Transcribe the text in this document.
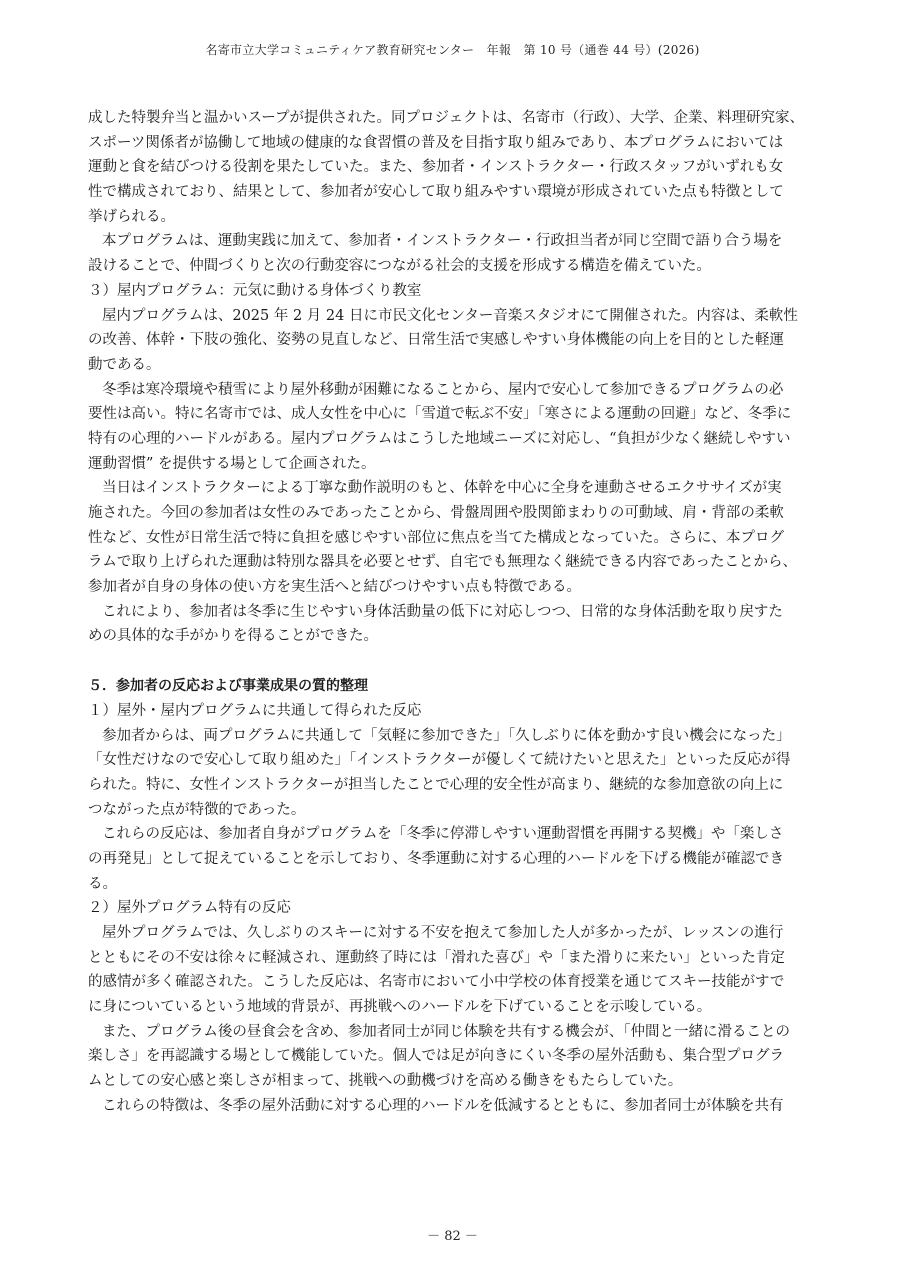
名寄市立大学コミュニティケア教育研究センター　年報　第 10 号（通巻 44 号）(2026)
成した特製弁当と温かいスープが提供された。同プロジェクトは、名寄市（行政）、大学、企業、料理研究家、
スポーツ関係者が協働して地域の健康的な食習慣の普及を目指す取り組みであり、本プログラムにおいては
運動と食を結びつける役割を果たしていた。また、参加者・インストラクター・行政スタッフがいずれも女
性で構成されており、結果として、参加者が安心して取り組みやすい環境が形成されていた点も特徴として
挙げられる。
本プログラムは、運動実践に加えて、参加者・インストラクター・行政担当者が同じ空間で語り合う場を
設けることで、仲間づくりと次の行動変容につながる社会的支援を形成する構造を備えていた。
３）屋内プログラム：元気に動ける身体づくり教室
屋内プログラムは、2025 年 2 月 24 日に市民文化センター音楽スタジオにて開催された。内容は、柔軟性
の改善、体幹・下肢の強化、姿勢の見直しなど、日常生活で実感しやすい身体機能の向上を目的とした軽運
動である。
冬季は寒冷環境や積雪により屋外移動が困難になることから、屋内で安心して参加できるプログラムの必
要性は高い。特に名寄市では、成人女性を中心に「雪道で転ぶ不安」「寒さによる運動の回避」など、冬季に
特有の心理的ハードルがある。屋内プログラムはこうした地域ニーズに対応し、“負担が少なく継続しやすい
運動習慣” を提供する場として企画された。
当日はインストラクターによる丁寧な動作説明のもと、体幹を中心に全身を連動させるエクササイズが実
施された。今回の参加者は女性のみであったことから、骨盤周囲や股関節まわりの可動域、肩・背部の柔軟
性など、女性が日常生活で特に負担を感じやすい部位に焦点を当てた構成となっていた。さらに、本プログ
ラムで取り上げられた運動は特別な器具を必要とせず、自宅でも無理なく継続できる内容であったことから、
参加者が自身の身体の使い方を実生活へと結びつけやすい点も特徴である。
これにより、参加者は冬季に生じやすい身体活動量の低下に対応しつつ、日常的な身体活動を取り戻すた
めの具体的な手がかりを得ることができた。
５．参加者の反応および事業成果の質的整理
１）屋外・屋内プログラムに共通して得られた反応
参加者からは、両プログラムに共通して「気軽に参加できた」「久しぶりに体を動かす良い機会になった」
「女性だけなので安心して取り組めた」「インストラクターが優しくて続けたいと思えた」といった反応が得
られた。特に、女性インストラクターが担当したことで心理的安全性が高まり、継続的な参加意欲の向上に
つながった点が特徴的であった。
これらの反応は、参加者自身がプログラムを「冬季に停滞しやすい運動習慣を再開する契機」や「楽しさ
の再発見」として捉えていることを示しており、冬季運動に対する心理的ハードルを下げる機能が確認でき
る。
２）屋外プログラム特有の反応
屋外プログラムでは、久しぶりのスキーに対する不安を抱えて参加した人が多かったが、レッスンの進行
とともにその不安は徐々に軽減され、運動終了時には「滑れた喜び」や「また滑りに来たい」といった肯定
的感情が多く確認された。こうした反応は、名寄市において小中学校の体育授業を通じてスキー技能がすで
に身についているという地域的背景が、再挑戦へのハードルを下げていることを示唆している。
また、プログラム後の昼食会を含め、参加者同士が同じ体験を共有する機会が、「仲間と一緒に滑ることの
楽しさ」を再認識する場として機能していた。個人では足が向きにくい冬季の屋外活動も、集合型プログラ
ムとしての安心感と楽しさが相まって、挑戦への動機づけを高める働きをもたらしていた。
これらの特徴は、冬季の屋外活動に対する心理的ハードルを低減するとともに、参加者同士が体験を共有
－ 82 －
